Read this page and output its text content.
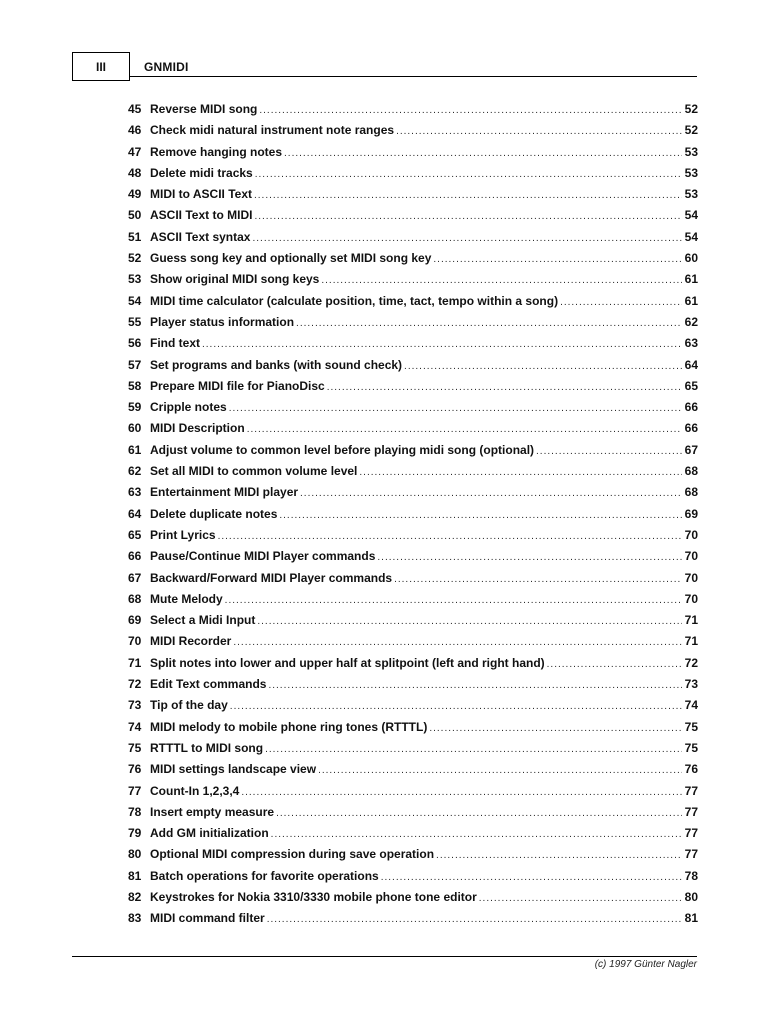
III	GNMIDI
45 Reverse MIDI song .....	52
46 Check midi natural instrument note ranges .....	52
47 Remove hanging notes .....	53
48 Delete midi tracks .....	53
49 MIDI to ASCII Text .....	53
50 ASCII Text to MIDI .....	54
51 ASCII Text syntax .....	54
52 Guess song key and optionally set MIDI song key .....	60
53 Show original MIDI song keys .....	61
54 MIDI time calculator (calculate position, time, tact, tempo within a song) .....	61
55 Player status information .....	62
56 Find text .....	63
57 Set programs and banks (with sound check) .....	64
58 Prepare MIDI file for PianoDisc .....	65
59 Cripple notes .....	66
60 MIDI Description .....	66
61 Adjust volume to common level before playing midi song (optional) .....	67
62 Set all MIDI to common volume level .....	68
63 Entertainment MIDI player .....	68
64 Delete duplicate notes .....	69
65 Print Lyrics .....	70
66 Pause/Continue MIDI Player commands .....	70
67 Backward/Forward MIDI Player commands .....	70
68 Mute Melody .....	70
69 Select a Midi Input .....	71
70 MIDI Recorder .....	71
71 Split notes into lower and upper half at splitpoint (left and right hand) .....	72
72 Edit Text commands .....	73
73 Tip of the day .....	74
74 MIDI melody to mobile phone ring tones (RTTTL) .....	75
75 RTTTL to MIDI song .....	75
76 MIDI settings landscape view .....	76
77 Count-In 1,2,3,4 .....	77
78 Insert empty measure .....	77
79 Add GM initialization .....	77
80 Optional MIDI compression during save operation .....	77
81 Batch operations for favorite operations .....	78
82 Keystrokes for Nokia 3310/3330 mobile phone tone editor .....	80
83 MIDI command filter .....	81
(c) 1997 Günter Nagler
